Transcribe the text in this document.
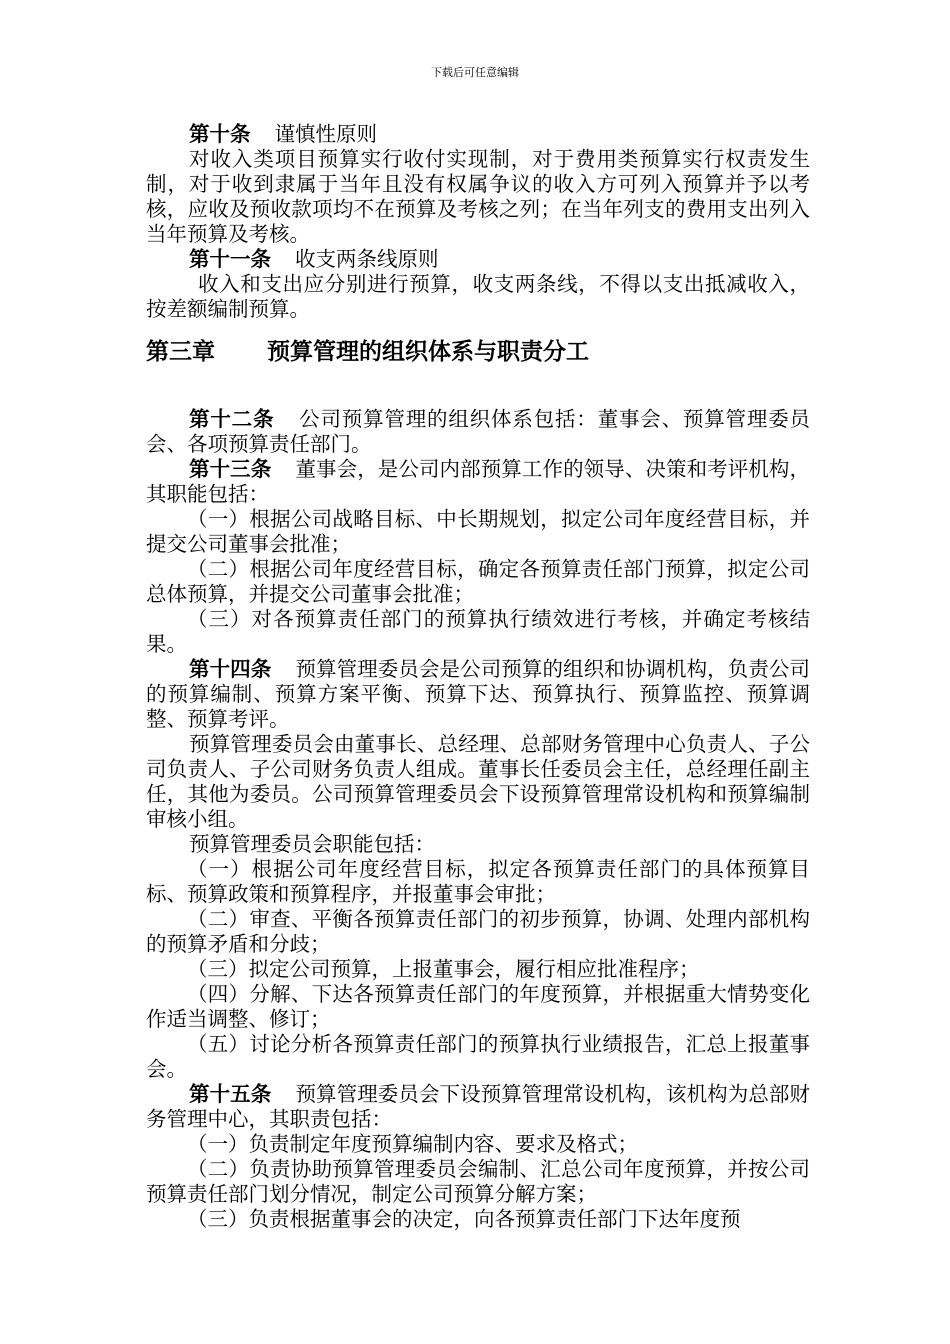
下载后可任意编辑

第十条 谨慎性原则

对收入类项目预算实行收付实现制，对于费用类预算实行权责发生制，对于收到隶属于当年且没有权属争议的收入方可列入预算并予以考核，应收及预收款项均不在预算及考核之列；在当年列支的费用支出列入当年预算及考核。

第十一条 收支两条线原则

收入和支出应分别进行预算，收支两条线，不得以支出抵减收入，按差额编制预算。

第三章 预算管理的组织体系与职责分工

第十二条 公司预算管理的组织体系包括：董事会、预算管理委员会、各项预算责任部门。

第十三条 董事会，是公司内部预算工作的领导、决策和考评机构，其职能包括：

（一）根据公司战略目标、中长期规划，拟定公司年度经营目标，并提交公司董事会批准；

（二）根据公司年度经营目标，确定各预算责任部门预算，拟定公司总体预算，并提交公司董事会批准；

（三）对各预算责任部门的预算执行绩效进行考核，并确定考核结果。

第十四条 预算管理委员会是公司预算的组织和协调机构，负责公司的预算编制、预算方案平衡、预算下达、预算执行、预算监控、预算调整、预算考评。

预算管理委员会由董事长、总经理、总部财务管理中心负责人、子公司负责人、子公司财务负责人组成。董事长任委员会主任，总经理任副主任，其他为委员。公司预算管理委员会下设预算管理常设机构和预算编制审核小组。

预算管理委员会职能包括：

（一）根据公司年度经营目标，拟定各预算责任部门的具体预算目标、预算政策和预算程序，并报董事会审批；

（二）审查、平衡各预算责任部门的初步预算，协调、处理内部机构的预算矛盾和分歧；

（三）拟定公司预算，上报董事会，履行相应批准程序；

（四）分解、下达各预算责任部门的年度预算，并根据重大情势变化作适当调整、修订；

（五）讨论分析各预算责任部门的预算执行业绩报告，汇总上报董事会。

第十五条 预算管理委员会下设预算管理常设机构，该机构为总部财务管理中心，其职责包括：

（一）负责制定年度预算编制内容、要求及格式；

（二）负责协助预算管理委员会编制、汇总公司年度预算，并按公司预算责任部门划分情况，制定公司预算分解方案；

（三）负责根据董事会的决定，向各预算责任部门下达年度预
